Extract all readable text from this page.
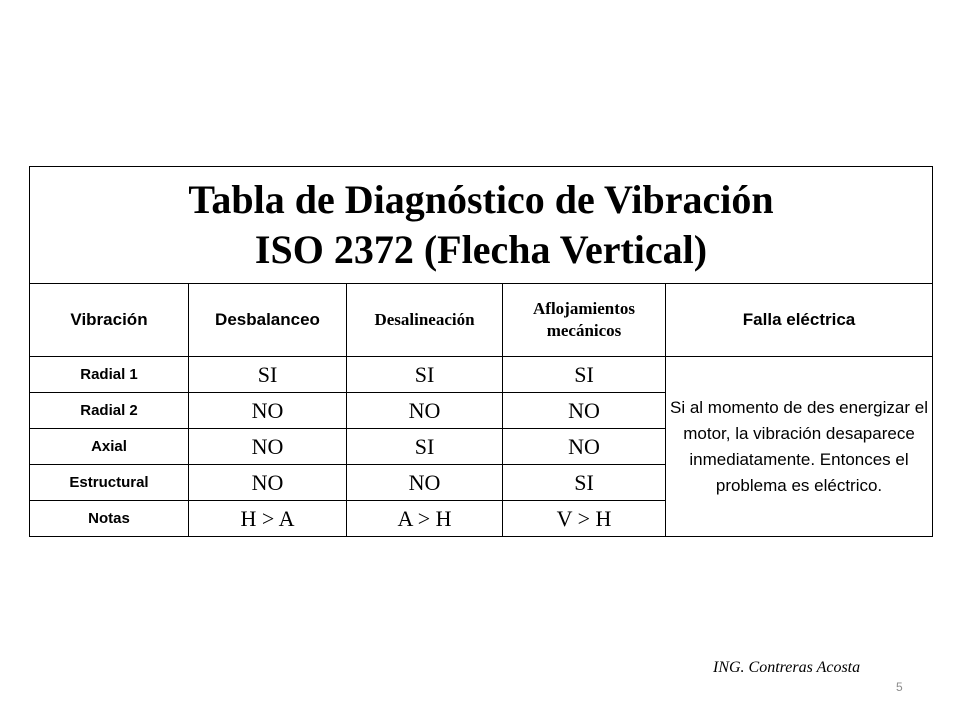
Tabla de Diagnóstico de Vibración
ISO 2372 (Flecha Vertical)				

Vibración	Desbalanceo	Desalineación	Aflojamientos mecánicos	Falla eléctrica
Radial 1	SI	SI	SI	Si al momento de des energizar el motor, la vibración desaparece inmediatamente. Entonces el problema es eléctrico.
Radial 2	NO	NO	NO	
Axial	NO	SI	NO	
Estructural	NO	NO	SI	
Notas	H > A	A > H	V > H	
ING. Contreras Acosta
5
